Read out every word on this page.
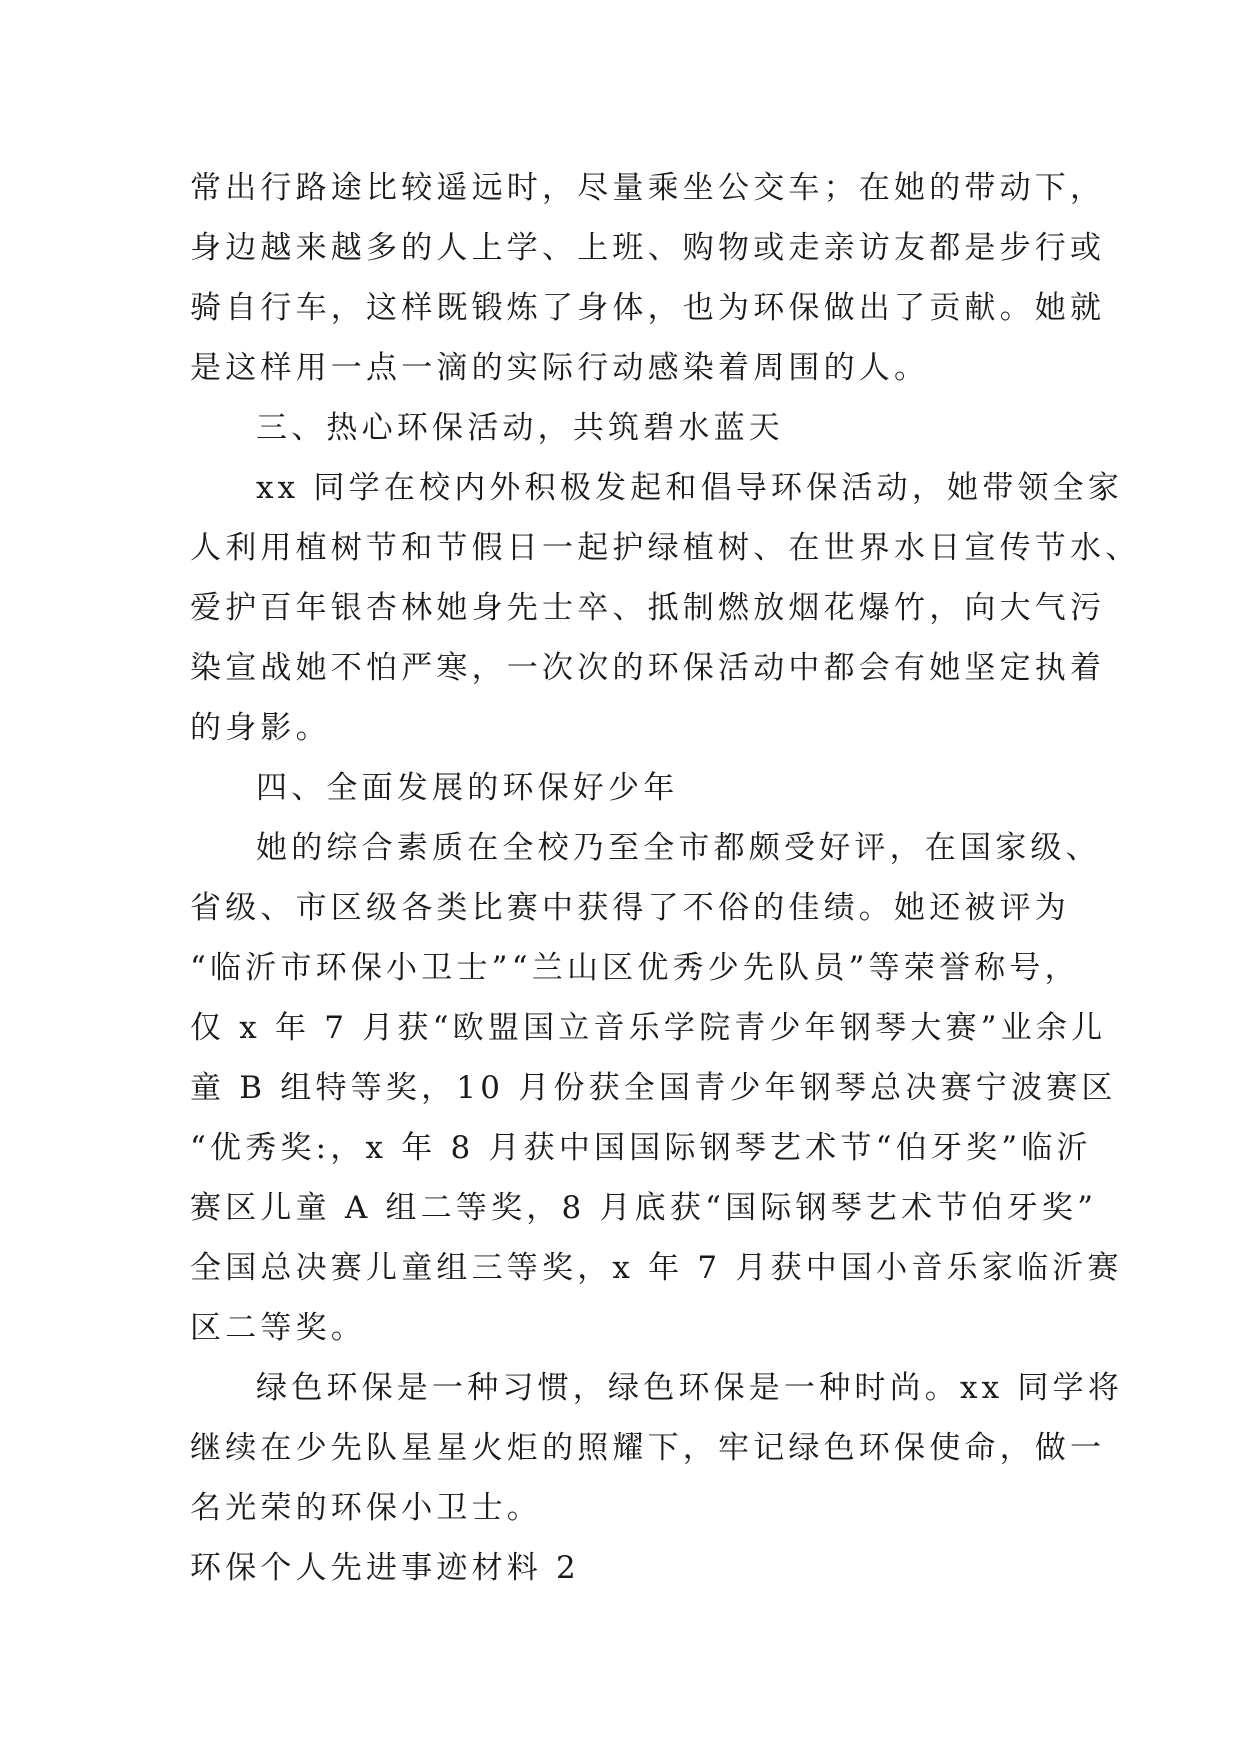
常出行路途比较遥远时，尽量乘坐公交车；在她的带动下，
身边越来越多的人上学、上班、购物或走亲访友都是步行或
骑自行车，这样既锻炼了身体，也为环保做出了贡献。她就
是这样用一点一滴的实际行动感染着周围的人。
三、热心环保活动，共筑碧水蓝天
xx 同学在校内外积极发起和倡导环保活动，她带领全家
人利用植树节和节假日一起护绿植树、在世界水日宣传节水、
爱护百年银杏林她身先士卒、抵制燃放烟花爆竹，向大气污
染宣战她不怕严寒，一次次的环保活动中都会有她坚定执着
的身影。
四、全面发展的环保好少年
她的综合素质在全校乃至全市都颇受好评，在国家级、
省级、市区级各类比赛中获得了不俗的佳绩。她还被评为
“临沂市环保小卫士”“兰山区优秀少先队员”等荣誉称号，
仅 x 年 7 月获“欧盟国立音乐学院青少年钢琴大赛”业余儿
童 B 组特等奖，10 月份获全国青少年钢琴总决赛宁波赛区
“优秀奖:，x 年 8 月获中国国际钢琴艺术节“伯牙奖”临沂
赛区儿童 A 组二等奖，8 月底获“国际钢琴艺术节伯牙奖”
全国总决赛儿童组三等奖，x 年 7 月获中国小音乐家临沂赛
区二等奖。
绿色环保是一种习惯，绿色环保是一种时尚。xx 同学将
继续在少先队星星火炬的照耀下，牢记绿色环保使命，做一
名光荣的环保小卫士。
环保个人先进事迹材料 2
